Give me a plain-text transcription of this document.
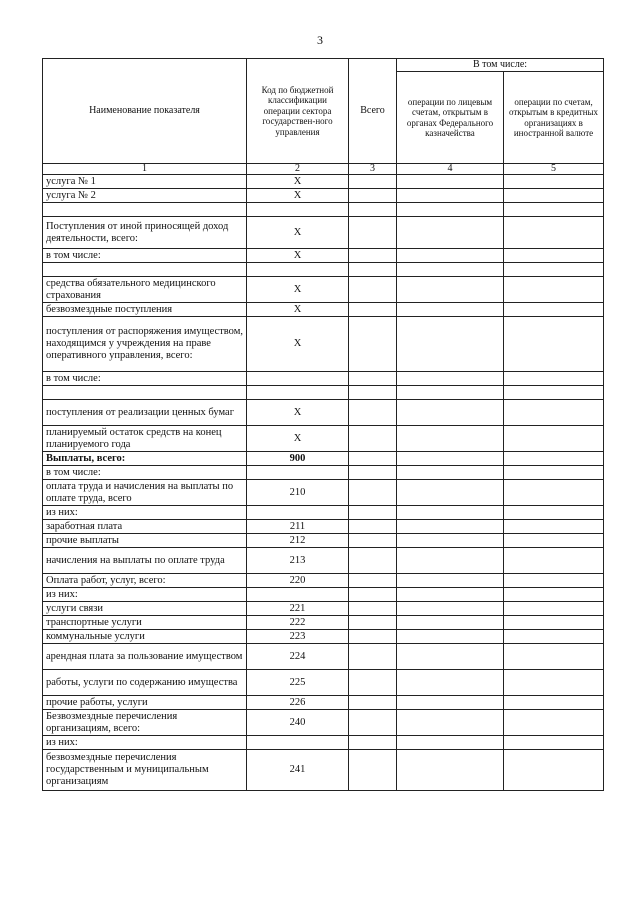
3
Наименование показателя	Код по бюджетной классификации операции сектора государствен-ного управления	Всего	В том числе:	
			операции по лицевым счетам, открытым в органах Федерального казначейства	операции по счетам, открытым в кредитных организациях в иностранной валюте
1	2	3	4	5
услуга № 1	X			
услуга № 2	X			

Поступления от иной приносящей доход деятельности, всего:	X			
в том числе:	X			

средства обязательного медицинского страхования	X			
безвозмездные поступления	X			
поступления от распоряжения имуществом, находящимся у учреждения на праве оперативного управления, всего:	X			
в том числе:				

поступления от реализации ценных бумаг	X			
планируемый остаток средств на конец планируемого года	X			
Выплаты, всего:	900			
в том числе:				
оплата труда и начисления на выплаты по оплате труда, всего	210			
из них:				
заработная плата	211			
прочие выплаты	212			
начисления на выплаты по оплате труда	213			
Оплата работ, услуг, всего:	220			
из них:				
услуги связи	221			
транспортные услуги	222			
коммунальные услуги	223			
арендная плата за пользование имуществом	224			
работы, услуги по содержанию имущества	225			
прочие работы, услуги	226			
Безвозмездные перечисления организациям, всего:	240			
из них:				
безвозмездные перечисления государственным и муниципальным организациям	241			
